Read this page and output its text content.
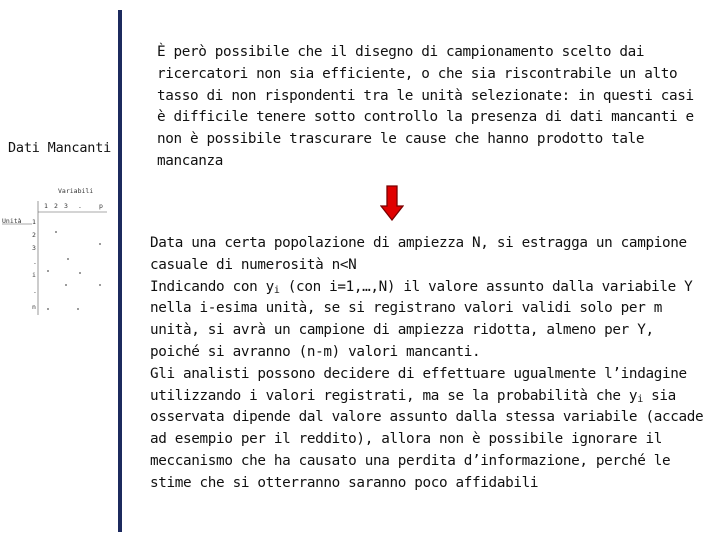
Dati Mancanti
Variabili
1 2 3 .	p
Unità 1
2
3
.
i
.
n

È però possibile che il disegno di campionamento scelto dai ricercatori non sia efficiente, o che sia riscontrabile un alto tasso di non rispondenti tra le unità selezionate: in questi casi è difficile tenere sotto controllo la presenza di dati mancanti e non è possibile trascurare le cause che hanno prodotto tale mancanza

Data una certa popolazione di ampiezza N, si estragga un campione casuale di numerosità n<N

Indicando con $y_i$ (con i=1,…,N) il valore assunto dalla variabile Y nella i-esima unità, se si registrano valori validi solo per m unità, si avrà un campione di ampiezza ridotta, almeno per Y, poiché si avranno (n-m) valori mancanti.

Gli analisti possono decidere di effettuare ugualmente l’indagine utilizzando i valori registrati, ma se la probabilità che $y_i$ sia osservata dipende dal valore assunto dalla stessa variabile (accade ad esempio per il reddito), allora non è possibile ignorare il meccanismo che ha causato una perdita d’informazione, perché le stime che si otterranno saranno poco affidabili
